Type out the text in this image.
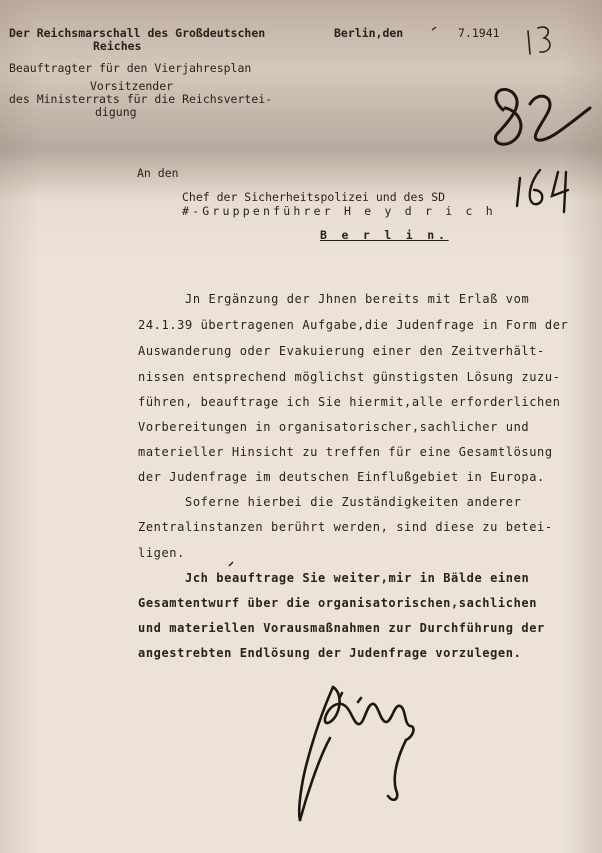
Der Reichsmarschall des Großdeutschen
Reiches
Beauftragter für den Vierjahresplan
Vorsitzender
des Ministerrats für die Reichsvertei-
digung
Berlin,den	7.1941
An den
Chef der Sicherheitspolizei und des SD
#-Gruppenführer H e y d r i c h
B e r l i n.
Jn Ergänzung der Jhnen bereits mit Erlaß vom
24.1.39 übertragenen Aufgabe,die Judenfrage in Form der
Auswanderung oder Evakuierung einer den Zeitverhält-
nissen entsprechend möglichst günstigsten Lösung zuzu-
führen, beauftrage ich Sie hiermit,alle erforderlichen
Vorbereitungen in organisatorischer,sachlicher und
materieller Hinsicht zu treffen für eine Gesamtlösung
der Judenfrage im deutschen Einflußgebiet in Europa.
Soferne hierbei die Zuständigkeiten anderer
Zentralinstanzen berührt werden, sind diese zu betei-
ligen.
Jch beauftrage Sie weiter,mir in Bälde einen
Gesamtentwurf über die organisatorischen,sachlichen
und materiellen Vorausmaßnahmen zur Durchführung der
angestrebten Endlösung der Judenfrage vorzulegen.
